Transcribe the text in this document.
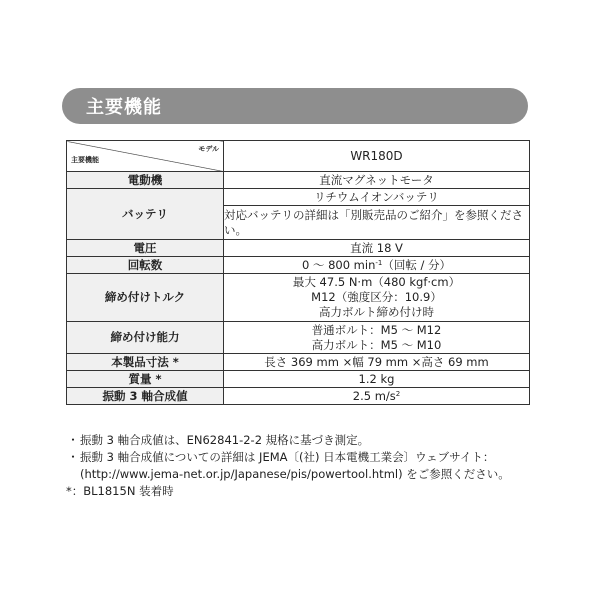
主要機能
モデル
主要機能	WR180D
電動機	直流マグネットモータ
バッテリ	リチウムイオンバッテリ
	対応バッテリの詳細は「別販売品のご紹介」を参照ください。
電圧	直流 18 V
回転数	0 ～ 800 $\min^{-1}$（回転 / 分）
締め付けトルク	最大 47.5 N·m（480 kgf·cm）
M12（強度区分：10.9）
高力ボルト締め付け時

締め付け能力	普通ボルト：M5 ～ M12
高力ボルト：M5 ～ M10

本製品寸法 *	長さ 369 mm ×幅 79 mm ×高さ 69 mm
質量 *	1.2 kg
振動 3 軸合成値	2.5 $m/s^2$
・ 振動 3 軸合成値は、EN62841-2-2 規格に基づき測定。
・ 振動 3 軸合成値についての詳細は JEMA〔(社) 日本電機工業会〕ウェブサイト：(http://www.jema-net.or.jp/Japanese/pis/powertool.html) をご参照ください。
*：BL1815N 装着時
